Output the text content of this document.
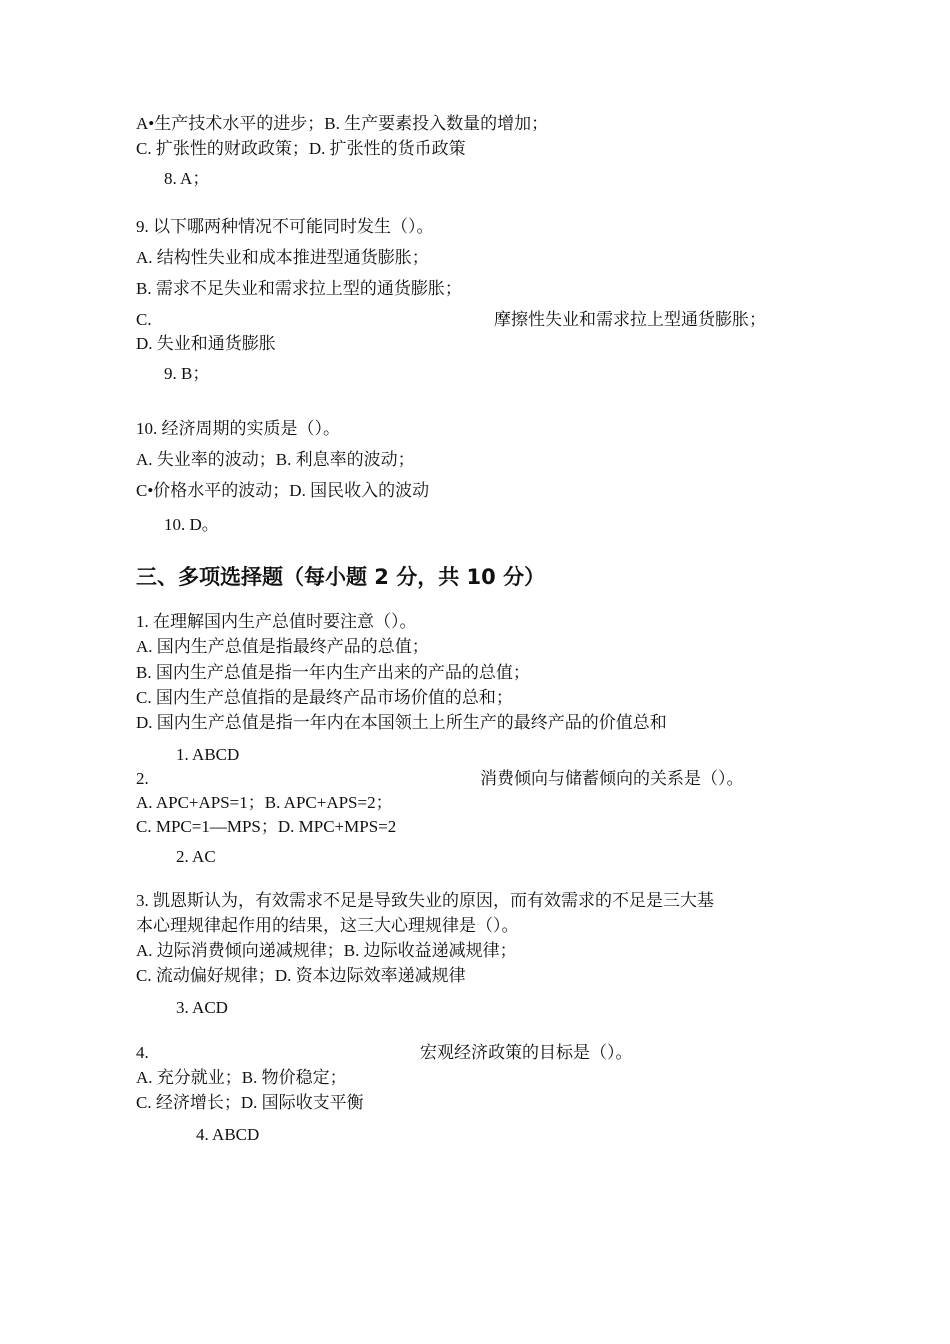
A•生产技术水平的进步；B. 生产要素投入数量的增加；
C. 扩张性的财政政策；D. 扩张性的货币政策
8. A；
9. 以下哪两种情况不可能同时发生（）。
A. 结构性失业和成本推进型通货膨胀；
B. 需求不足失业和需求拉上型的通货膨胀；
C.	摩擦性失业和需求拉上型通货膨胀；
D. 失业和通货膨胀
9. B；
10. 经济周期的实质是（）。
A. 失业率的波动；B. 利息率的波动；
C•价格水平的波动；D. 国民收入的波动
10. D。
三、多项选择题（每小题 2 分，共 10 分）
1. 在理解国内生产总值时要注意（）。
A. 国内生产总值是指最终产品的总值；
B. 国内生产总值是指一年内生产出来的产品的总值；
C. 国内生产总值指的是最终产品市场价值的总和；
D. 国内生产总值是指一年内在本国领土上所生产的最终产品的价值总和
1. ABCD
2.	消费倾向与储蓄倾向的关系是（）。
A. APC+APS=1；B. APC+APS=2；
C. MPC=1—MPS；D. MPC+MPS=2
2. AC
3. 凯恩斯认为，有效需求不足是导致失业的原因，而有效需求的不足是三大基
本心理规律起作用的结果，这三大心理规律是（）。
A. 边际消费倾向递减规律；B. 边际收益递减规律；
C. 流动偏好规律；D. 资本边际效率递减规律
3. ACD
4.	宏观经济政策的目标是（）。
A. 充分就业；B. 物价稳定；
C. 经济增长；D. 国际收支平衡
4. ABCD
